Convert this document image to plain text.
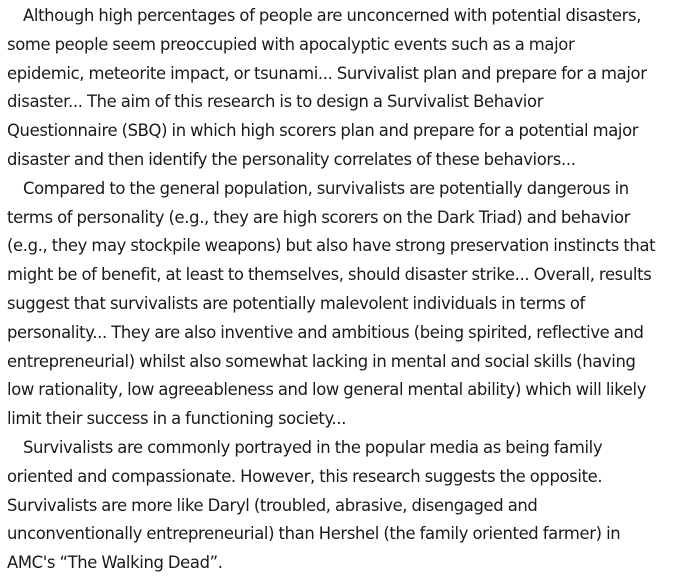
Although high percentages of people are unconcerned with potential disasters,
some people seem preoccupied with apocalyptic events such as a major
epidemic, meteorite impact, or tsunami... Survivalist plan and prepare for a major
disaster... The aim of this research is to design a Survivalist Behavior
Questionnaire (SBQ) in which high scorers plan and prepare for a potential major
disaster and then identify the personality correlates of these behaviors...

Compared to the general population, survivalists are potentially dangerous in
terms of personality (e.g., they are high scorers on the Dark Triad) and behavior
(e.g., they may stockpile weapons) but also have strong preservation instincts that
might be of benefit, at least to themselves, should disaster strike... Overall, results
suggest that survivalists are potentially malevolent individuals in terms of
personality... They are also inventive and ambitious (being spirited, reflective and
entrepreneurial) whilst also somewhat lacking in mental and social skills (having
low rationality, low agreeableness and low general mental ability) which will likely
limit their success in a functioning society...

Survivalists are commonly portrayed in the popular media as being family
oriented and compassionate. However, this research suggests the opposite.
Survivalists are more like Daryl (troubled, abrasive, disengaged and
unconventionally entrepreneurial) than Hershel (the family oriented farmer) in
AMC's “The Walking Dead”.
